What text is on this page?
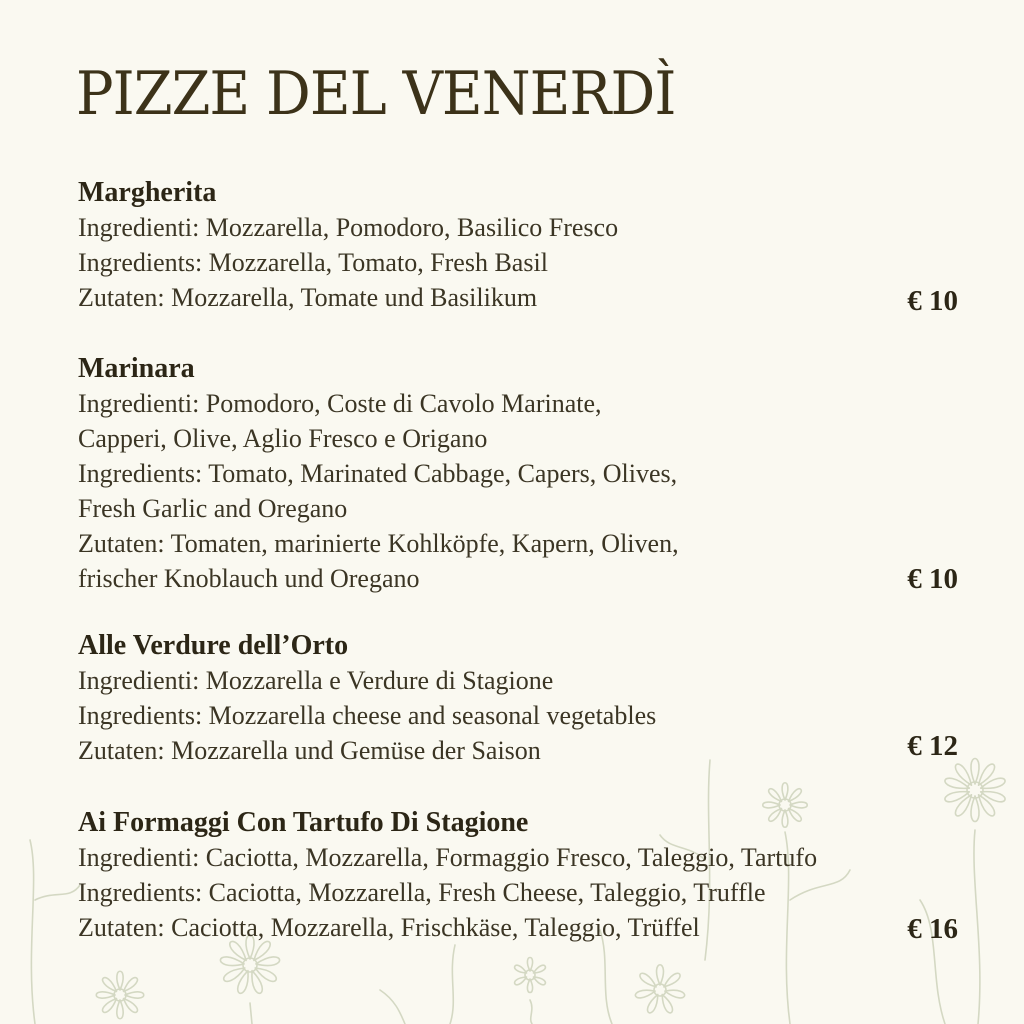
PIZZE DEL VENERDÌ
Margherita
Ingredienti: Mozzarella, Pomodoro, Basilico Fresco
Ingredients: Mozzarella, Tomato, Fresh Basil
Zutaten: Mozzarella, Tomate und Basilikum	€ 10
Marinara
Ingredienti: Pomodoro, Coste di Cavolo Marinate,
Capperi, Olive, Aglio Fresco e Origano
Ingredients: Tomato, Marinated Cabbage, Capers, Olives,
Fresh Garlic and Oregano
Zutaten: Tomaten, marinierte Kohlköpfe, Kapern, Oliven,
frischer Knoblauch und Oregano	€ 10
Alle Verdure dell’Orto
Ingredienti: Mozzarella e Verdure di Stagione
Ingredients: Mozzarella cheese and seasonal vegetables
Zutaten: Mozzarella und Gemüse der Saison	€ 12
Ai Formaggi Con Tartufo Di Stagione
Ingredienti: Caciotta, Mozzarella, Formaggio Fresco, Taleggio, Tartufo
Ingredients: Caciotta, Mozzarella, Fresh Cheese, Taleggio, Truffle
Zutaten: Caciotta, Mozzarella, Frischkäse, Taleggio, Trüffel	€ 16
